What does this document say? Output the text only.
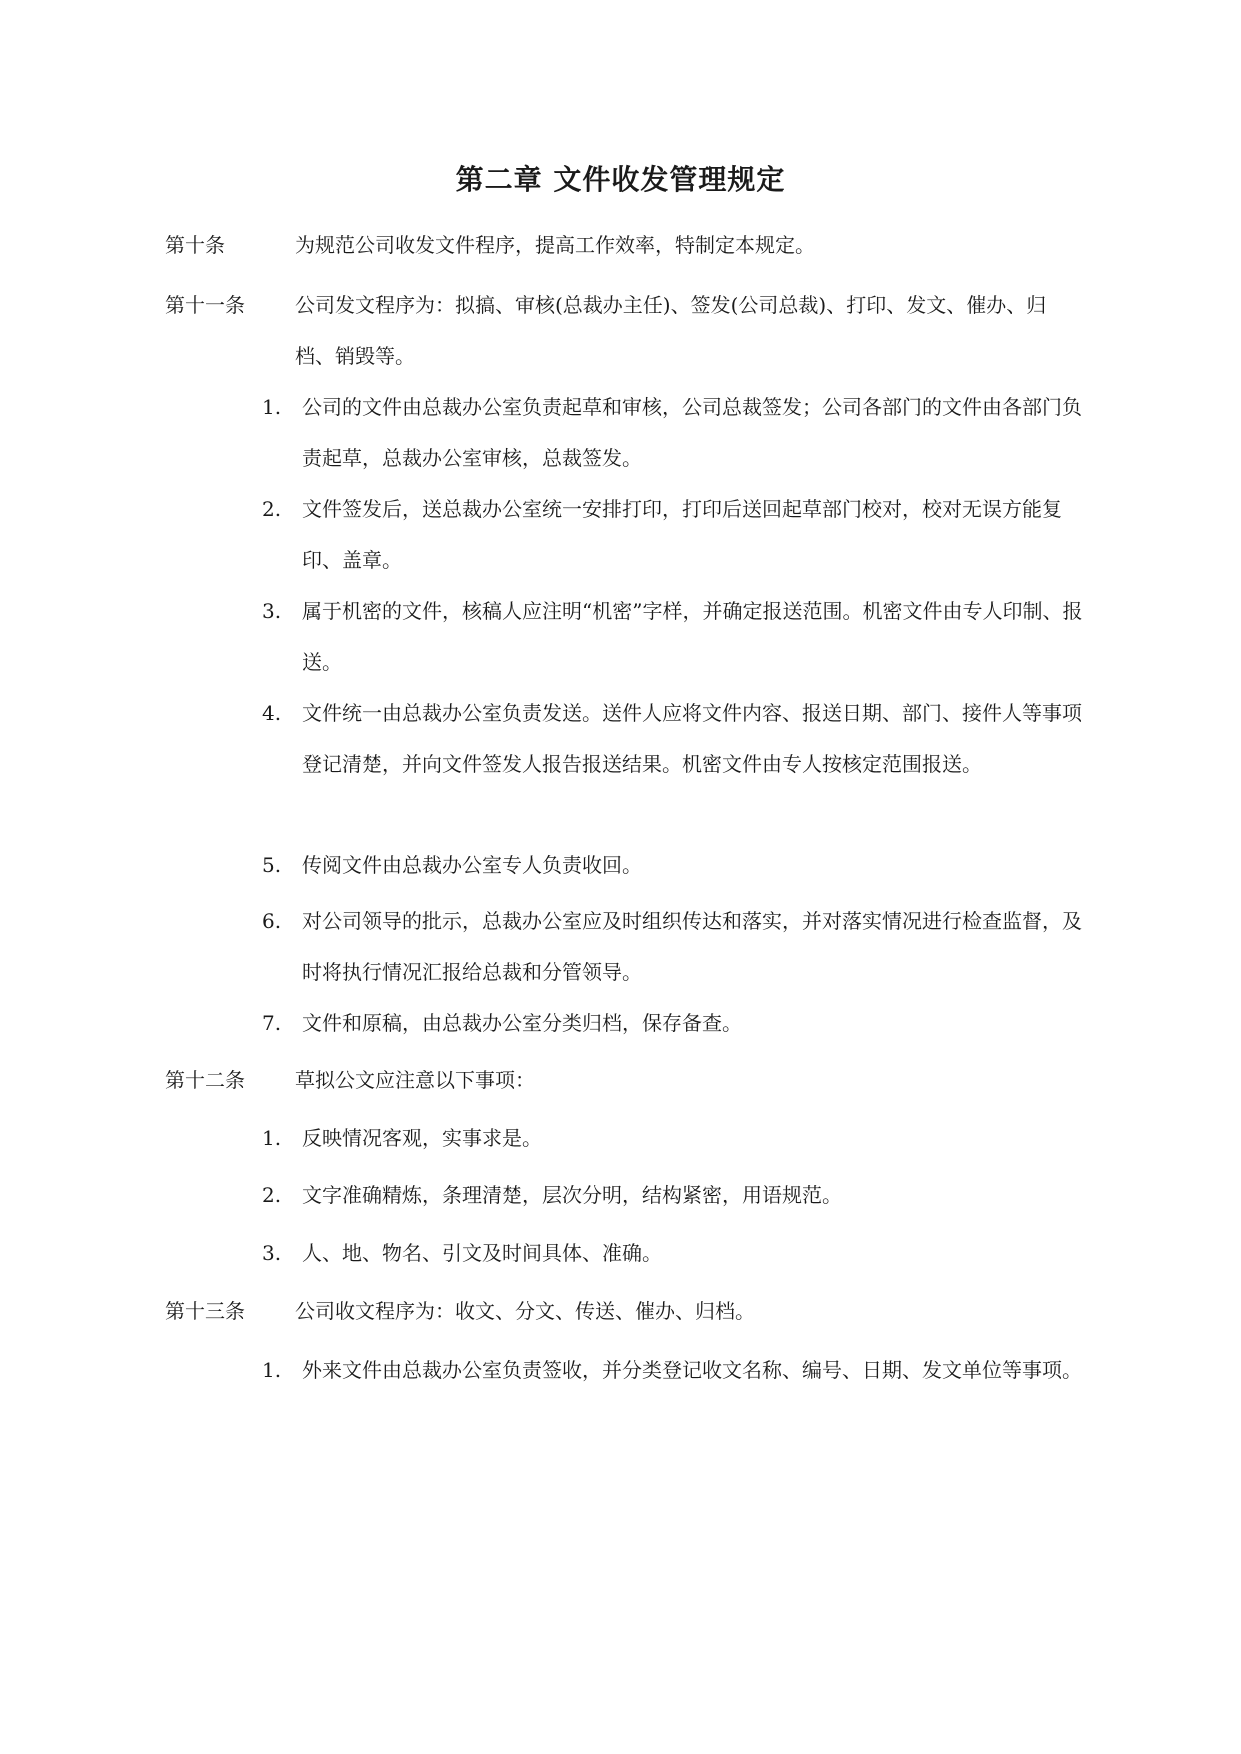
第二章 文件收发管理规定
第十条	为规范公司收发文件程序，提高工作效率，特制定本规定。
第十一条	公司发文程序为：拟搞、审核(总裁办主任)、签发(公司总裁)、打印、发文、催办、归档、销毁等。
1. 公司的文件由总裁办公室负责起草和审核，公司总裁签发；公司各部门的文件由各部门负责起草，总裁办公室审核，总裁签发。
2. 文件签发后，送总裁办公室统一安排打印，打印后送回起草部门校对，校对无误方能复印、盖章。
3. 属于机密的文件，核稿人应注明“机密”字样，并确定报送范围。机密文件由专人印制、报送。
4. 文件统一由总裁办公室负责发送。送件人应将文件内容、报送日期、部门、接件人等事项登记清楚，并向文件签发人报告报送结果。机密文件由专人按核定范围报送。
5. 传阅文件由总裁办公室专人负责收回。
6. 对公司领导的批示，总裁办公室应及时组织传达和落实，并对落实情况进行检查监督，及时将执行情况汇报给总裁和分管领导。
7. 文件和原稿，由总裁办公室分类归档，保存备查。
第十二条	草拟公文应注意以下事项：
1. 反映情况客观，实事求是。
2. 文字准确精炼，条理清楚，层次分明，结构紧密，用语规范。
3. 人、地、物名、引文及时间具体、准确。
第十三条	公司收文程序为：收文、分文、传送、催办、归档。
1. 外来文件由总裁办公室负责签收，并分类登记收文名称、编号、日期、发文单位等事项。
